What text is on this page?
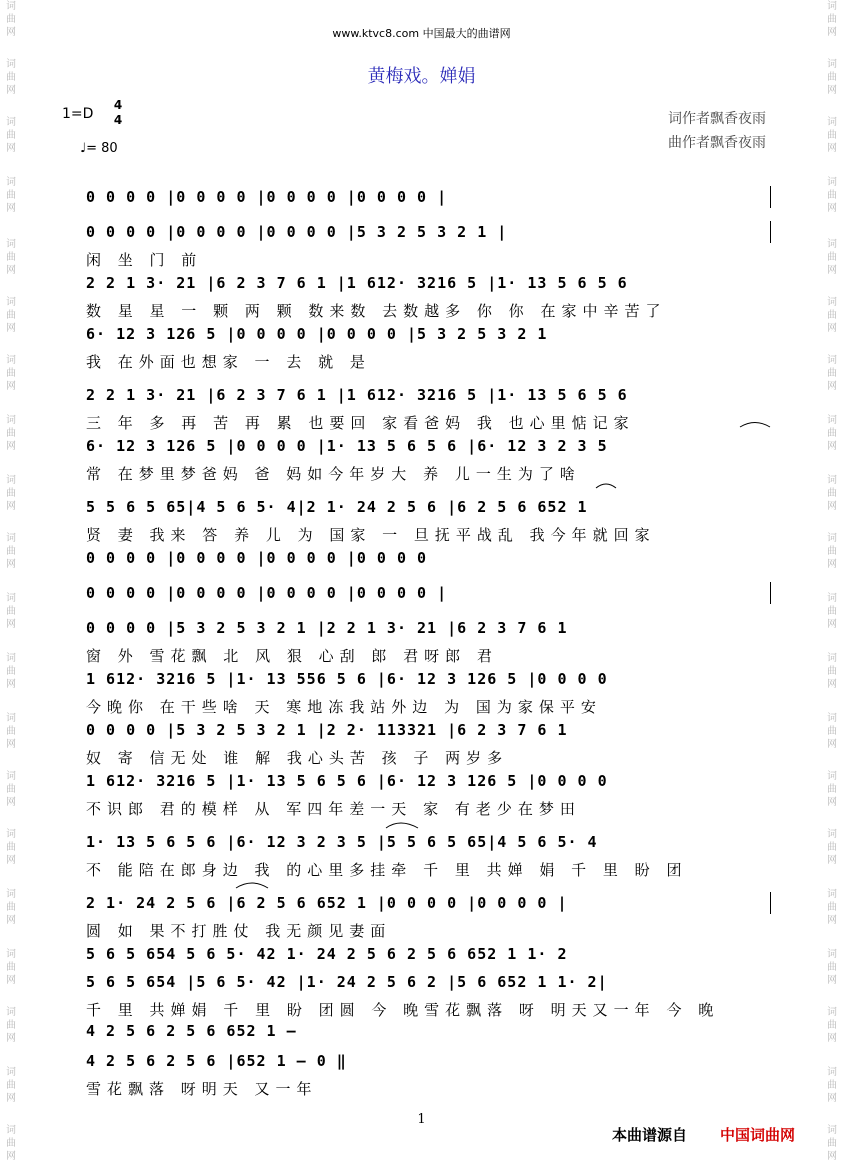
词
曲
网
词
曲
网
词
曲
网
词
曲
网
词
曲
网
词
曲
网
词
曲
网
词
曲
网
词
曲
网
词
曲
网
词
曲
网
词
曲
网
词
曲
网
词
曲
网
词
曲
网
词
曲
网
词
曲
网
词
曲
网
词
曲
网
词
曲
网
词
曲
网
词
曲
网
词
曲
网
词
曲
网
词
曲
网
词
曲
网
词
曲
网
词
曲
网
词
曲
网
词
曲
网
词
曲
网
词
曲
网
词
曲
网
词
曲
网
词
曲
网
词
曲
网
词
曲
网
词
曲
网
词
曲
网
词
曲
网
www.ktvc8.com 中国最大的曲谱网
黄梅戏。婵娟
1=D
4
4
♩= 80
词作者飘香夜雨
曲作者飘香夜雨
0 0 0 0 |0 0 0 0 |0 0 0 0 |0 0 0 0 |
0 0 0 0 |0 0 0 0 |0 0 0 0 |5 3 2 5 3 2 1 |
闲 坐 门 前
2 2 1 3· 21 |6 2 3 7 6 1 |1 612· 3216 5 |1· 13 5 6 5 6
数 星 星 一 颗 两 颗 数来数 去数越多 你 你 在家中辛苦了
6· 12 3 126 5 |0 0 0 0 |0 0 0 0 |5 3 2 5 3 2 1
我 在外面也想家 一 去 就 是
2 2 1 3· 21 |6 2 3 7 6 1 |1 612· 3216 5 |1· 13 5 6 5 6
三 年 多 再 苦 再 累 也要回 家看爸妈 我 也心里惦记家
6· 12 3 126 5 |0 0 0 0 |1· 13 5 6 5 6 |6· 12 3 2 3 5
常 在梦里梦爸妈 爸 妈如今年岁大 养 儿一生为了啥
5 5 6 5 65|4 5 6 5· 4|2 1· 24 2 5 6 |6 2 5 6 652 1
贤 妻 我来 答 养 儿 为 国家 一 旦抚平战乱 我今年就回家
0 0 0 0 |0 0 0 0 |0 0 0 0 |0 0 0 0
0 0 0 0 |0 0 0 0 |0 0 0 0 |0 0 0 0 |
0 0 0 0 |5 3 2 5 3 2 1 |2 2 1 3· 21 |6 2 3 7 6 1
窗 外 雪花飘 北 风 狠 心刮 郎 君呀郎 君
1 612· 3216 5 |1· 13 556 5 6 |6· 12 3 126 5 |0 0 0 0
今晚你 在干些啥 天 寒地冻我站外边 为 国为家保平安
0 0 0 0 |5 3 2 5 3 2 1 |2 2· 113321 |6 2 3 7 6 1
奴 寄 信无处 谁 解 我心头苦 孩 子 两岁多
1 612· 3216 5 |1· 13 5 6 5 6 |6· 12 3 126 5 |0 0 0 0
不识郎 君的模样 从 军四年差一天 家 有老少在梦田
1· 13 5 6 5 6 |6· 12 3 2 3 5 |5 5 6 5 65|4 5 6 5· 4
不 能陪在郎身边 我 的心里多挂牵 千 里 共婵 娟 千 里 盼 团
2 1· 24 2 5 6 |6 2 5 6 652 1 |0 0 0 0 |0 0 0 0 |
圆 如 果不打胜仗 我无颜见妻面
5 6 5 654 5 6 5· 42 1· 24 2 5 6 2 5 6 652 1 1· 2
5 6 5 654 |5 6 5· 42 |1· 24 2 5 6 2 |5 6 652 1 1· 2|
千 里 共婵娟 千 里 盼 团圆 今 晚雪花飘落 呀 明天又一年 今 晚
4 2 5 6 2 5 6 652 1 –
4 2 5 6 2 5 6 |652 1 – 0 ‖
雪花飘落 呀明天 又一年
1
本曲谱源自 中国词曲网
